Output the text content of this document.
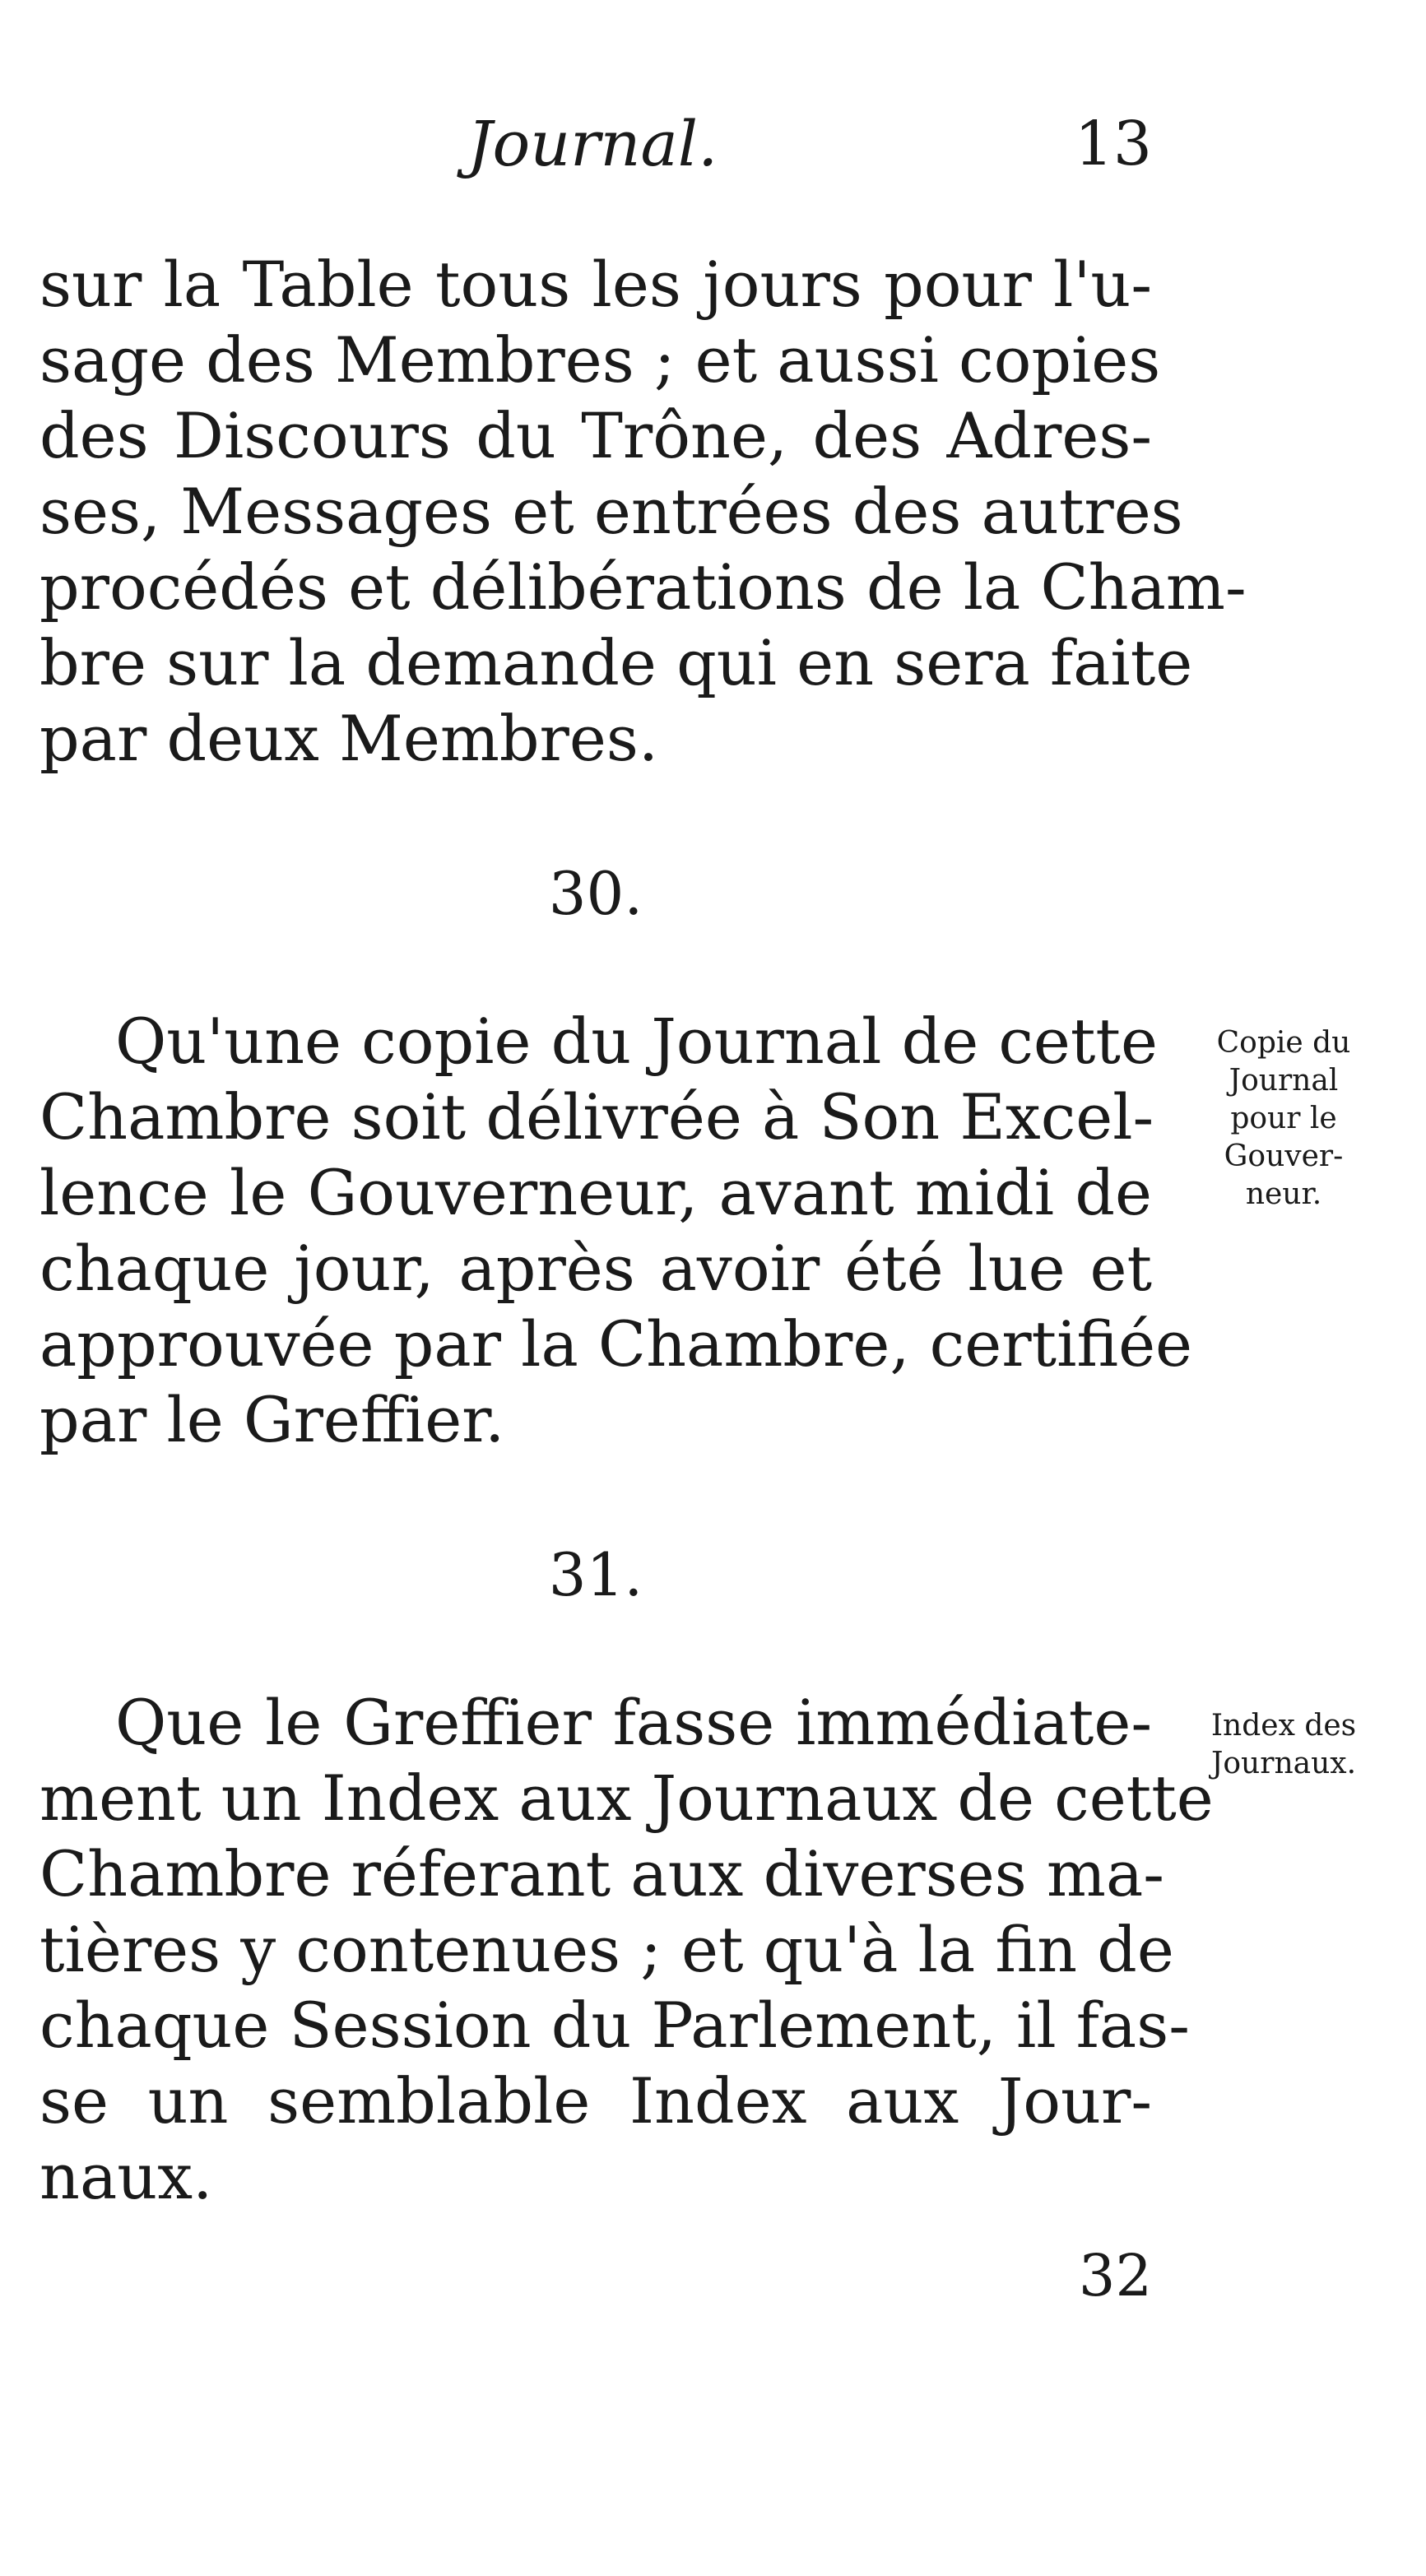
Journal.	13
sur la Table tous les jours pour l'u-
sage des Membres ; et aussi copies
des Discours du Trône, des Adres-
ses, Messages et entrées des autres
procédés et délibérations de la Cham-
bre sur la demande qui en sera faite
par deux Membres.
30.
Qu'une copie du Journal de cette
Chambre soit délivrée à Son Excel-
lence le Gouverneur, avant midi de
chaque jour, après avoir été lue et
approuvée par la Chambre, certifiée
par le Greffier.
Copie du
Journal
pour le
Gouver-
neur.
31.
Que le Greffier fasse immédiate-
ment un Index aux Journaux de cette
Chambre réferant aux diverses ma-
tières y contenues ; et qu'à la fin de
chaque Session du Parlement, il fas-
se un semblable Index aux Jour-
naux.
Index des
Journaux.
32
